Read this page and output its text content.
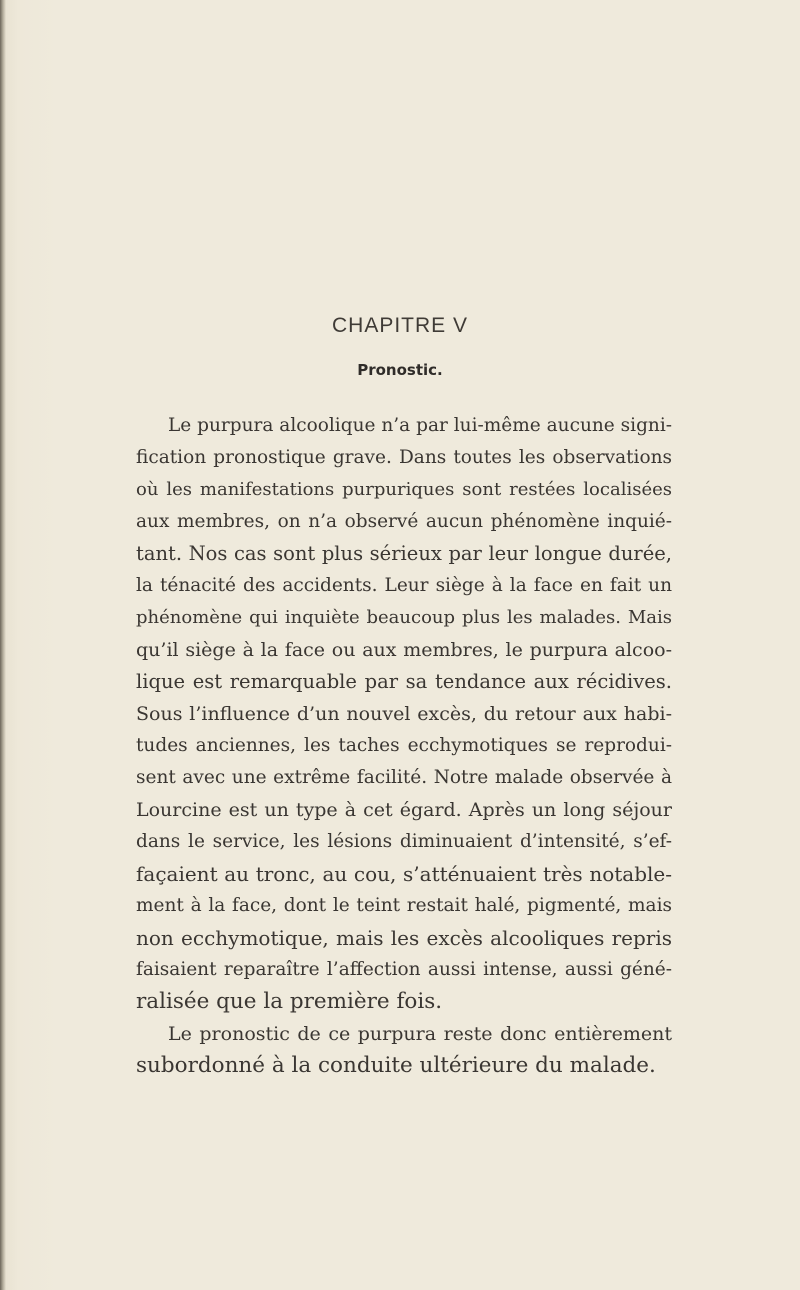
CHAPITRE V
Pronostic.
Le purpura alcoolique n’a par lui-même aucune signi-
fication pronostique grave. Dans toutes les observations
où les manifestations purpuriques sont restées localisées
aux membres, on n’a observé aucun phénomène inquié-
tant. Nos cas sont plus sérieux par leur longue durée,
la ténacité des accidents. Leur siège à la face en fait un
phénomène qui inquiète beaucoup plus les malades. Mais
qu’il siège à la face ou aux membres, le purpura alcoo-
lique est remarquable par sa tendance aux récidives.
Sous l’influence d’un nouvel excès, du retour aux habi-
tudes anciennes, les taches ecchymotiques se reprodui-
sent avec une extrême facilité. Notre malade observée à
Lourcine est un type à cet égard. Après un long séjour
dans le service, les lésions diminuaient d’intensité, s’ef-
façaient au tronc, au cou, s’atténuaient très notable-
ment à la face, dont le teint restait halé, pigmenté, mais
non ecchymotique, mais les excès alcooliques repris
faisaient reparaître l’affection aussi intense, aussi géné-
ralisée que la première fois.
Le pronostic de ce purpura reste donc entièrement
subordonné à la conduite ultérieure du malade.
